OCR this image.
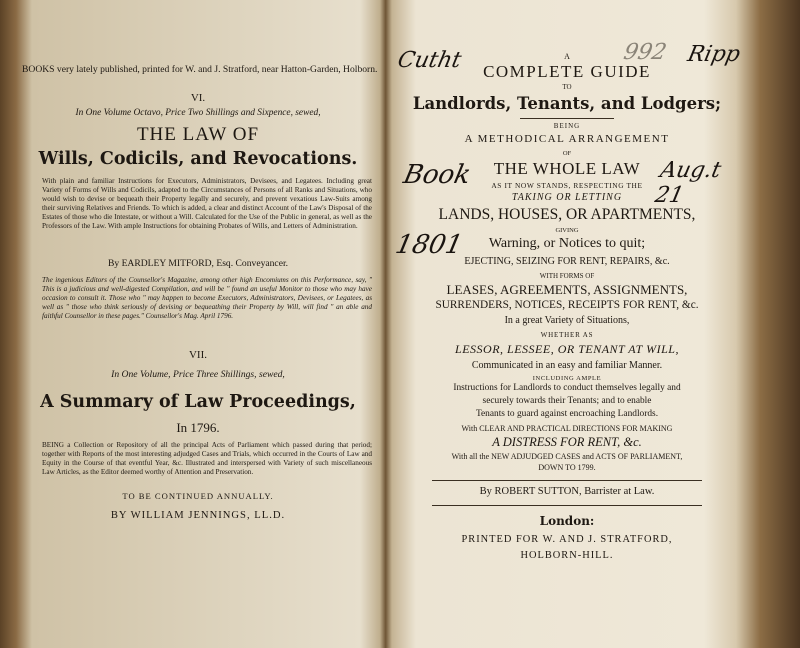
BOOKS very lately published, printed for W. and J. Stratford, near Hatton-Garden, Holborn.
VI.
In One Volume Octavo, Price Two Shillings and Sixpence, sewed,
THE LAW OF
Wills, Codicils, and Revocations.
With plain and familiar Instructions for Executors, Administrators, Devisees, and Legatees. Including great Variety of Forms of Wills and Codicils, adapted to the Circumstances of Persons of all Ranks and Situations, who would wish to devise or bequeath their Property legally and securely, and prevent vexatious Law-Suits among their surviving Relatives and Friends. To which is added, a clear and distinct Account of the Law's Disposal of the Estates of those who die Intestate, or without a Will. Calculated for the Use of the Public in general, as well as the Professors of the Law. With ample Instructions for obtaining Probates of Wills, and Letters of Administration.
By EARDLEY MITFORD, Esq. Conveyancer.
The ingenious Editors of the Counsellor's Magazine, among other high Encomiums on this Performance, say, " This is a judicious and well-digested Compilation, and will be " found an useful Monitor to those who may have occasion to consult it. Those who " may happen to become Executors, Administrators, Devisees, or Legatees, as well as " those who think seriously of devising or bequeathing their Property by Will, will find " an able and faithful Counsellor in these pages." Counsellor's Mag. April 1796.
VII.
In One Volume, Price Three Shillings, sewed,
A Summary of Law Proceedings,
In 1796.
BEING a Collection or Repository of all the principal Acts of Parliament which passed during that period; together with Reports of the most interesting adjudged Cases and Trials, which occurred in the Courts of Law and Equity in the Course of that eventful Year, &c. Illustrated and interspersed with Variety of such miscellaneous Law Articles, as the Editor deemed worthy of Attention and Preservation.
TO BE CONTINUED ANNUALLY.
BY WILLIAM JENNINGS, LL.D.
Cutht	992 Ripp
Book	Aug.t 21
1801
A
COMPLETE GUIDE
TO
Landlords, Tenants, and Lodgers;
BEING
A METHODICAL ARRANGEMENT
OF
THE WHOLE LAW
AS IT NOW STANDS, RESPECTING THE
TAKING OR LETTING
LANDS, HOUSES, OR APARTMENTS,
GIVING
Warning, or Notices to quit;
EJECTING, SEIZING FOR RENT, REPAIRS, &c.
WITH FORMS OF
LEASES, AGREEMENTS, ASSIGNMENTS,
SURRENDERS, NOTICES, RECEIPTS FOR RENT, &c.
In a great Variety of Situations,
WHETHER AS
LESSOR, LESSEE, OR TENANT AT WILL,
Communicated in an easy and familiar Manner.
INCLUDING AMPLE
Instructions for Landlords to conduct themselves legally and
securely towards their Tenants; and to enable
Tenants to guard against encroaching Landlords.
With CLEAR AND PRACTICAL DIRECTIONS FOR MAKING
A DISTRESS FOR RENT, &c.
With all the NEW ADJUDGED CASES and ACTS OF PARLIAMENT,
DOWN TO 1799.
By ROBERT SUTTON, Barrister at Law.
London:
PRINTED FOR W. AND J. STRATFORD,
HOLBORN-HILL.
